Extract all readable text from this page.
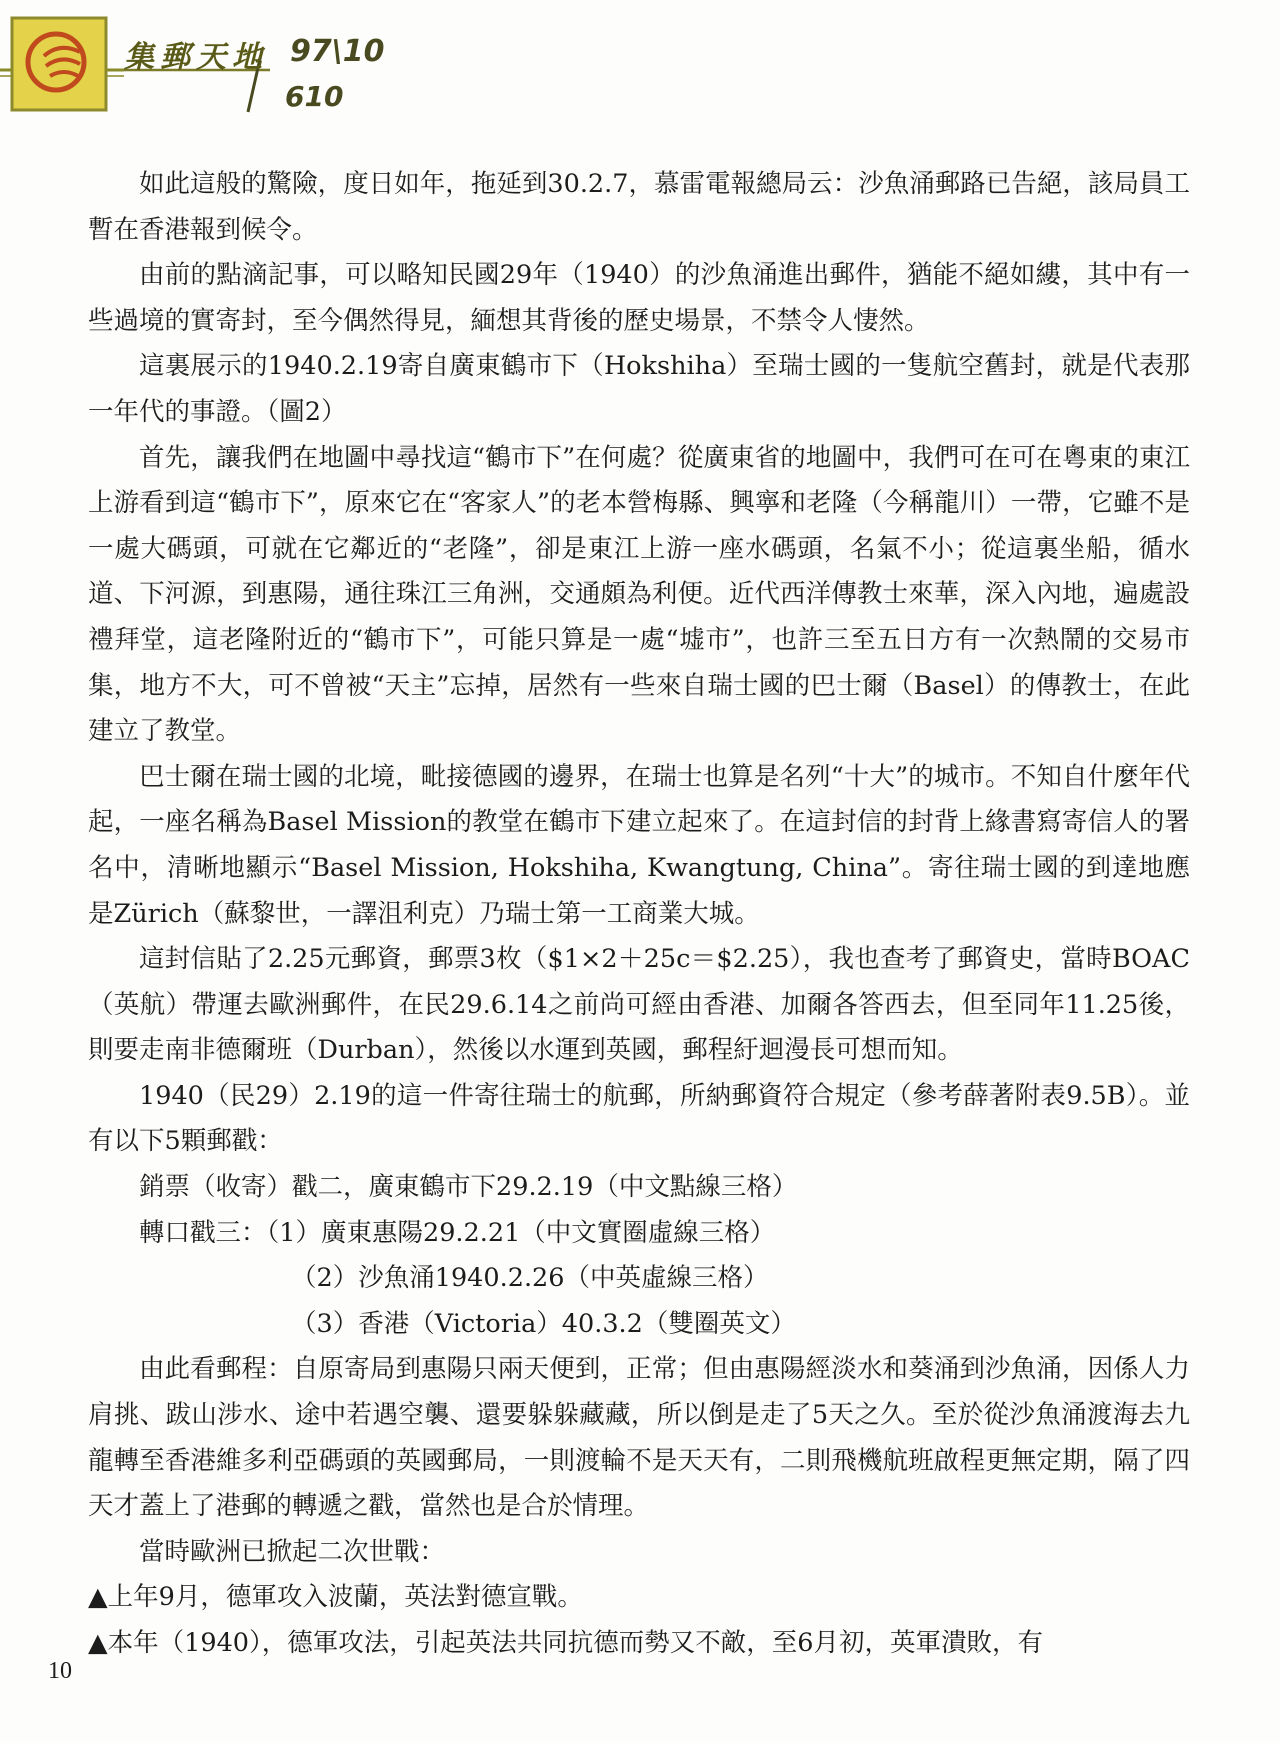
集郵天地 97\10
610

如此這般的驚險，度日如年，拖延到30.2.7，慕雷電報總局云：沙魚涌郵路已告絕，該局員工暫在香港報到候令。

由前的點滴記事，可以略知民國29年（1940）的沙魚涌進出郵件，猶能不絕如縷，其中有一些過境的實寄封，至今偶然得見，緬想其背後的歷史場景，不禁令人悽然。

這裏展示的1940.2.19寄自廣東鶴市下（Hokshiha）至瑞士國的一隻航空舊封，就是代表那一年代的事證。（圖2）

首先，讓我們在地圖中尋找這“鶴市下”在何處？從廣東省的地圖中，我們可在可在粵東的東江上游看到這“鶴市下”，原來它在“客家人”的老本營梅縣、興寧和老隆（今稱龍川）一帶，它雖不是一處大碼頭，可就在它鄰近的“老隆”，卻是東江上游一座水碼頭，名氣不小；從這裏坐船，循水道、下河源，到惠陽，通往珠江三角洲，交通頗為利便。近代西洋傳教士來華，深入內地，遍處設禮拜堂，這老隆附近的“鶴市下”，可能只算是一處“墟市”，也許三至五日方有一次熱鬧的交易市集，地方不大，可不曾被“天主”忘掉，居然有一些來自瑞士國的巴士爾（Basel）的傳教士，在此建立了教堂。

巴士爾在瑞士國的北境，毗接德國的邊界，在瑞士也算是名列“十大”的城市。不知自什麼年代起，一座名稱為Basel Mission的教堂在鶴市下建立起來了。在這封信的封背上緣書寫寄信人的署名中，清晰地顯示“Basel Mission, Hokshiha, Kwangtung, China”。寄往瑞士國的到達地應是Zürich（蘇黎世，一譯沮利克）乃瑞士第一工商業大城。

這封信貼了2.25元郵資，郵票3枚（$1×2＋25c＝$2.25），我也查考了郵資史，當時BOAC（英航）帶運去歐洲郵件，在民29.6.14之前尚可經由香港、加爾各答西去，但至同年11.25後，則要走南非德爾班（Durban），然後以水運到英國，郵程紆迴漫長可想而知。

1940（民29）2.19的這一件寄往瑞士的航郵，所納郵資符合規定（參考薛著附表9.5B）。並有以下5顆郵戳：

銷票（收寄）戳二，廣東鶴市下29.2.19（中文點線三格）

轉口戳三：（1）廣東惠陽29.2.21（中文實圈虛線三格）

（2）沙魚涌1940.2.26（中英虛線三格）

（3）香港（Victoria）40.3.2（雙圈英文）

由此看郵程：自原寄局到惠陽只兩天便到，正常；但由惠陽經淡水和葵涌到沙魚涌，因係人力肩挑、跋山涉水、途中若遇空襲、還要躲躲藏藏，所以倒是走了5天之久。至於從沙魚涌渡海去九龍轉至香港維多利亞碼頭的英國郵局，一則渡輪不是天天有，二則飛機航班啟程更無定期，隔了四天才蓋上了港郵的轉遞之戳，當然也是合於情理。

當時歐洲已掀起二次世戰：

▲上年9月，德軍攻入波蘭，英法對德宣戰。

▲本年（1940），德軍攻法，引起英法共同抗德而勢又不敵，至6月初，英軍潰敗，有

10
